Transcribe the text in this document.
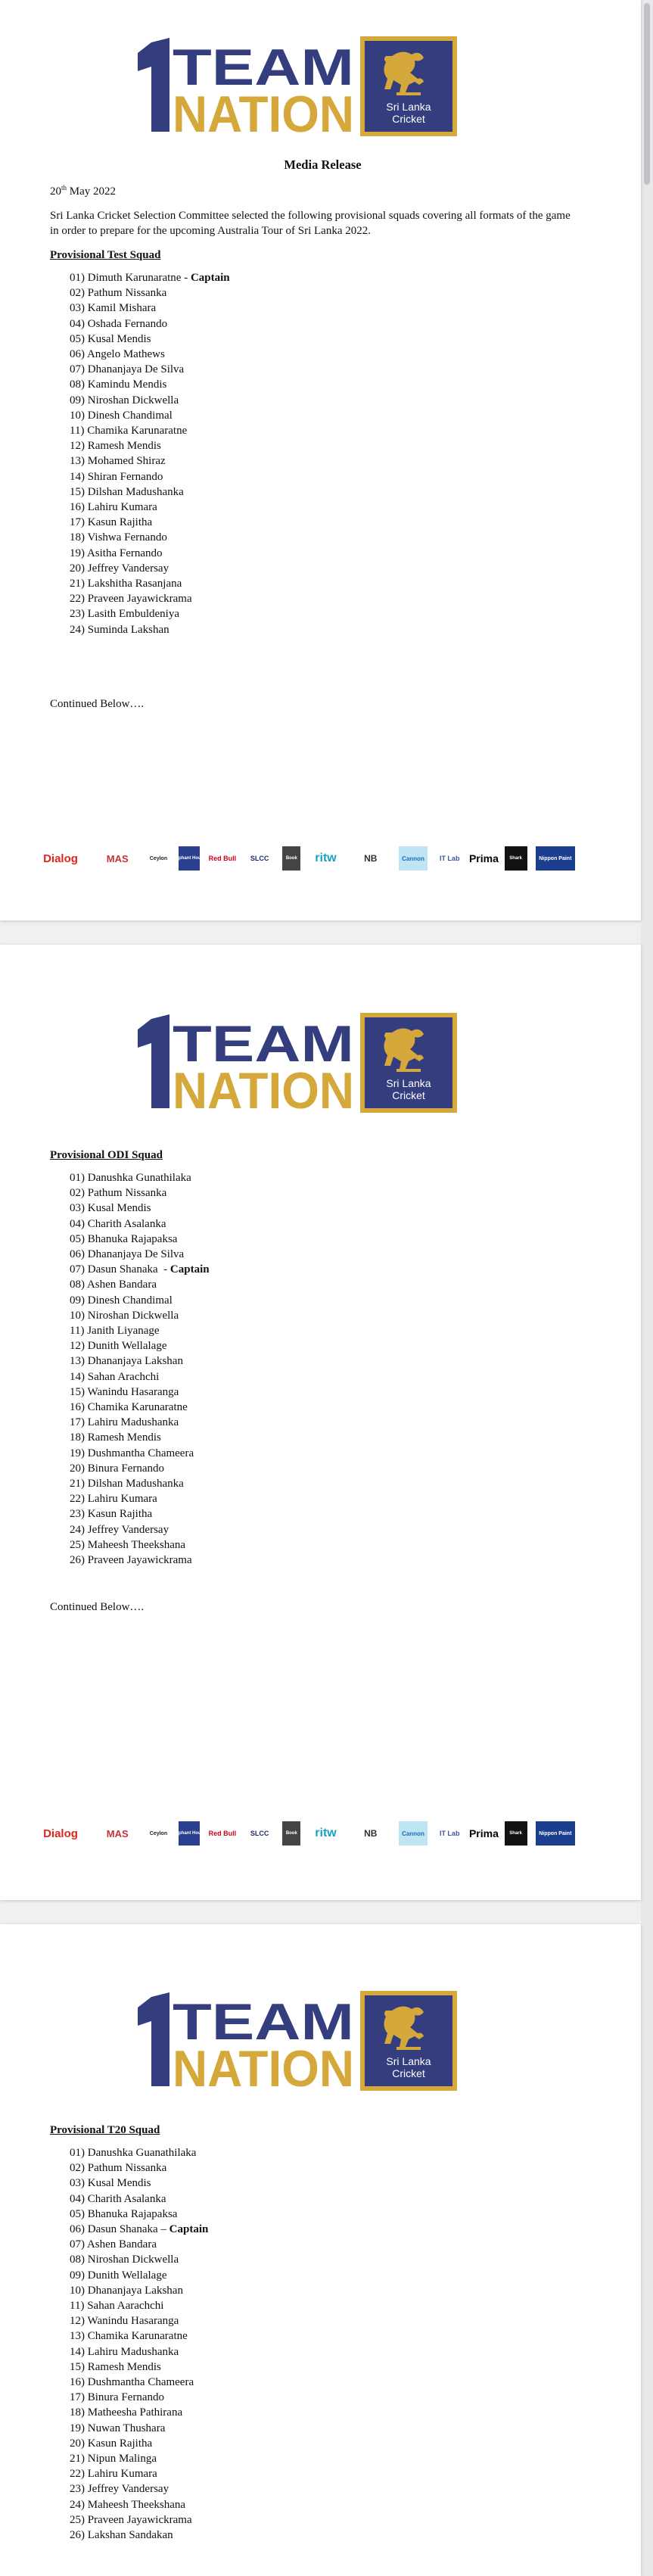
TEAM
NATION	Sri Lanka
Cricket
Media Release
20th May 2022
Sri Lanka Cricket Selection Committee selected the following provisional squads covering all formats of the game in order to prepare for the upcoming Australia Tour of Sri Lanka 2022.
Provisional Test Squad
01) Dimuth Karunaratne - Captain
02) Pathum Nissanka
03) Kamil Mishara
04) Oshada Fernando
05) Kusal Mendis
06) Angelo Mathews
07) Dhananjaya De Silva
08) Kamindu Mendis
09) Niroshan Dickwella
10) Dinesh Chandimal
11) Chamika Karunaratne
12) Ramesh Mendis
13) Mohamed Shiraz
14) Shiran Fernando
15) Dilshan Madushanka
16) Lahiru Kumara
17) Kasun Rajitha
18) Vishwa Fernando
19) Asitha Fernando
20) Jeffrey Vandersay
21) Lakshitha Rasanjana
22) Praveen Jayawickrama
23) Lasith Embuldeniya
24) Suminda Lakshan
Continued Below….
Dialog	MAS	Ceylon Elephant House Red Bull	SLCC	Book	ritw	NB	Cannon	IT Lab Prima	Shark	Nippon Paint
TEAM
NATION	Sri Lanka
Cricket
Provisional ODI Squad
01) Danushka Gunathilaka
02) Pathum Nissanka
03) Kusal Mendis
04) Charith Asalanka
05) Bhanuka Rajapaksa
06) Dhananjaya De Silva
07) Dasun Shanaka  - Captain
08) Ashen Bandara
09) Dinesh Chandimal
10) Niroshan Dickwella
11) Janith Liyanage
12) Dunith Wellalage
13) Dhananjaya Lakshan
14) Sahan Arachchi
15) Wanindu Hasaranga
16) Chamika Karunaratne
17) Lahiru Madushanka
18) Ramesh Mendis
19) Dushmantha Chameera
20) Binura Fernando
21) Dilshan Madushanka
22) Lahiru Kumara
23) Kasun Rajitha
24) Jeffrey Vandersay
25) Maheesh Theekshana
26) Praveen Jayawickrama
Continued Below….
Dialog	MAS	Ceylon Elephant House Red Bull	SLCC	Book	ritw	NB	Cannon	IT Lab Prima	Shark	Nippon Paint
TEAM
NATION	Sri Lanka
Cricket
Provisional T20 Squad
01) Danushka Guanathilaka
02) Pathum Nissanka
03) Kusal Mendis
04) Charith Asalanka
05) Bhanuka Rajapaksa
06) Dasun Shanaka – Captain
07) Ashen Bandara
08) Niroshan Dickwella
09) Dunith Wellalage
10) Dhananjaya Lakshan
11) Sahan Aarachchi
12) Wanindu Hasaranga
13) Chamika Karunaratne
14) Lahiru Madushanka
15) Ramesh Mendis
16) Dushmantha Chameera
17) Binura Fernando
18) Matheesha Pathirana
19) Nuwan Thushara
20) Kasun Rajitha
21) Nipun Malinga
22) Lahiru Kumara
23) Jeffrey Vandersay
24) Maheesh Theekshana
25) Praveen Jayawickrama
26) Lakshan Sandakan
